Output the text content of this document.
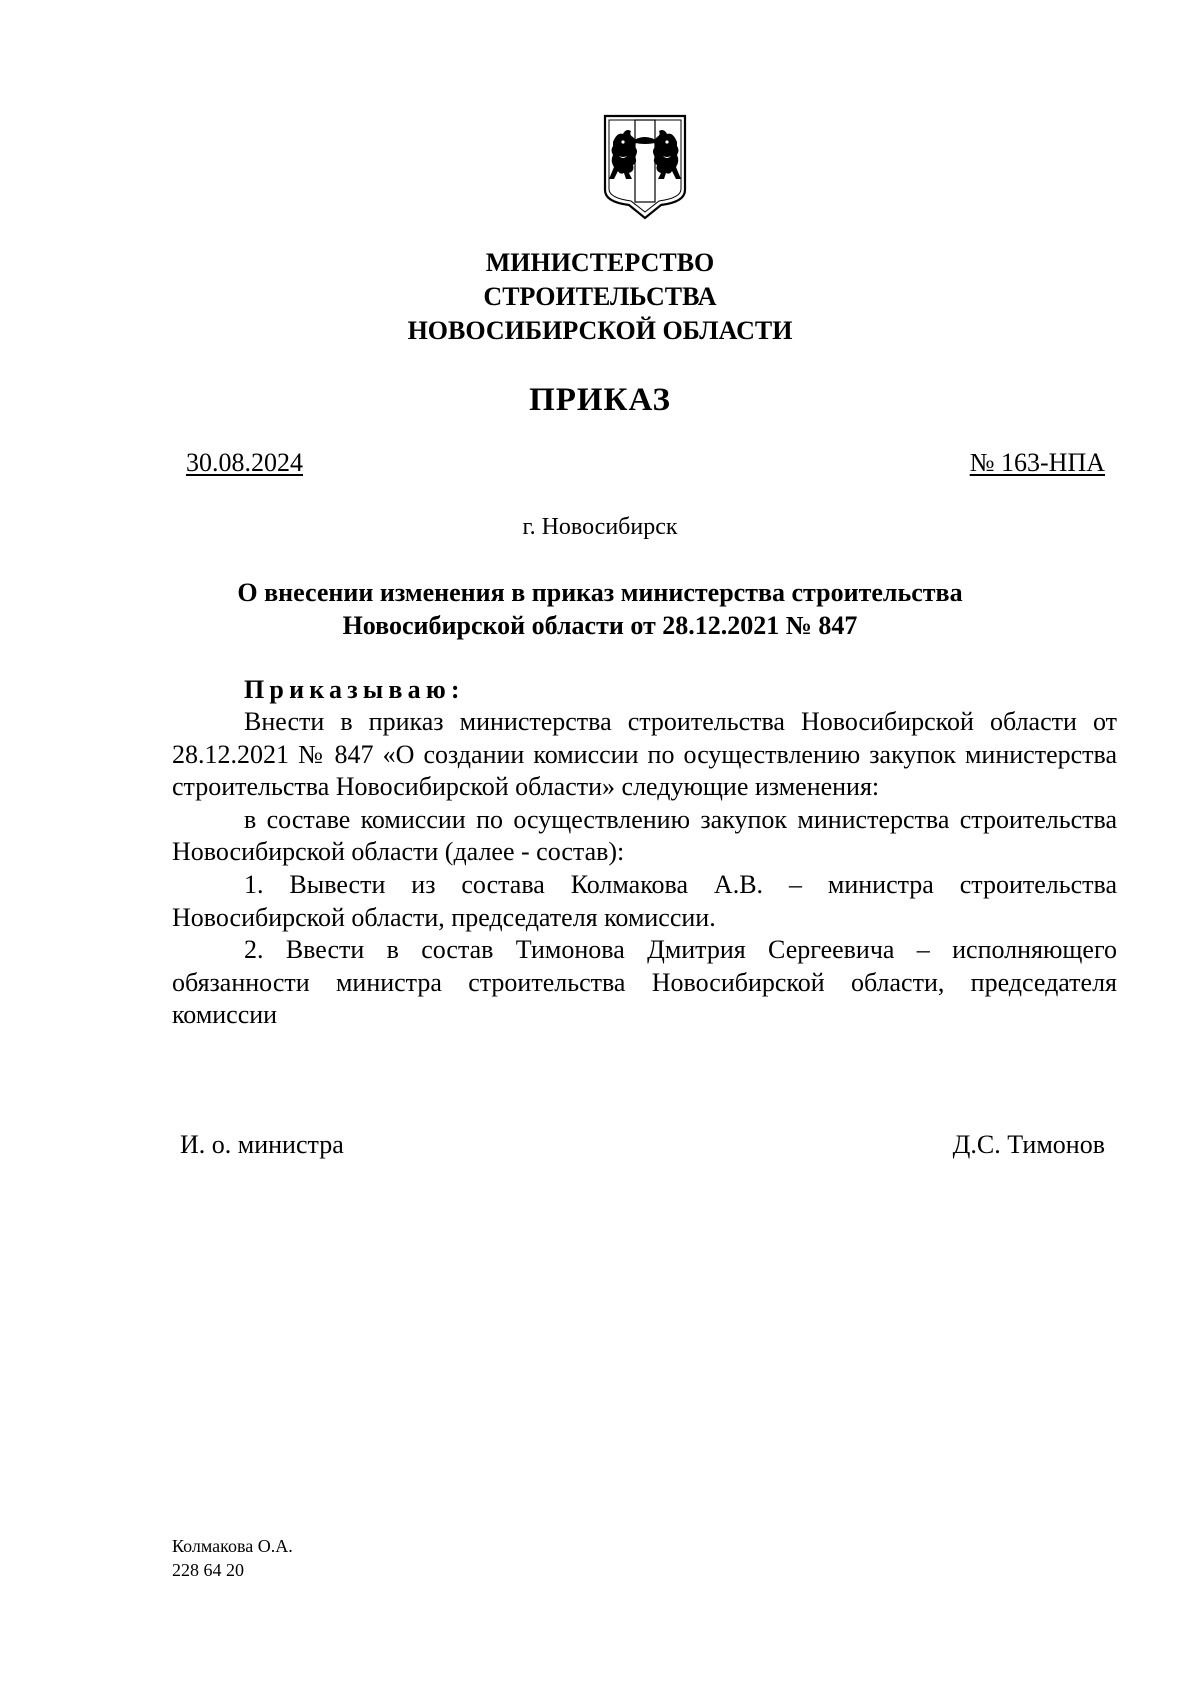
МИНИСТЕРСТВО
СТРОИТЕЛЬСТВА
НОВОСИБИРСКОЙ ОБЛАСТИ
ПРИКАЗ
30.08.2024	№ 163-НПА
г. Новосибирск
О внесении изменения в приказ министерства строительства
Новосибирской области от 28.12.2021 № 847
Приказываю:

Внести в приказ министерства строительства Новосибирской области от 28.12.2021 № 847 «О создании комиссии по осуществлению закупок министерства строительства Новосибирской области» следующие изменения:

в составе комиссии по осуществлению закупок министерства строительства Новосибирской области (далее - состав):

1. Вывести из состава Колмакова А.В. – министра строительства Новосибирской области, председателя комиссии.

2. Ввести в состав Тимонова Дмитрия Сергеевича – исполняющего обязанности министра строительства Новосибирской области, председателя комиссии

И. о. министра	Д.С. Тимонов
Колмакова О.А.
228 64 20
